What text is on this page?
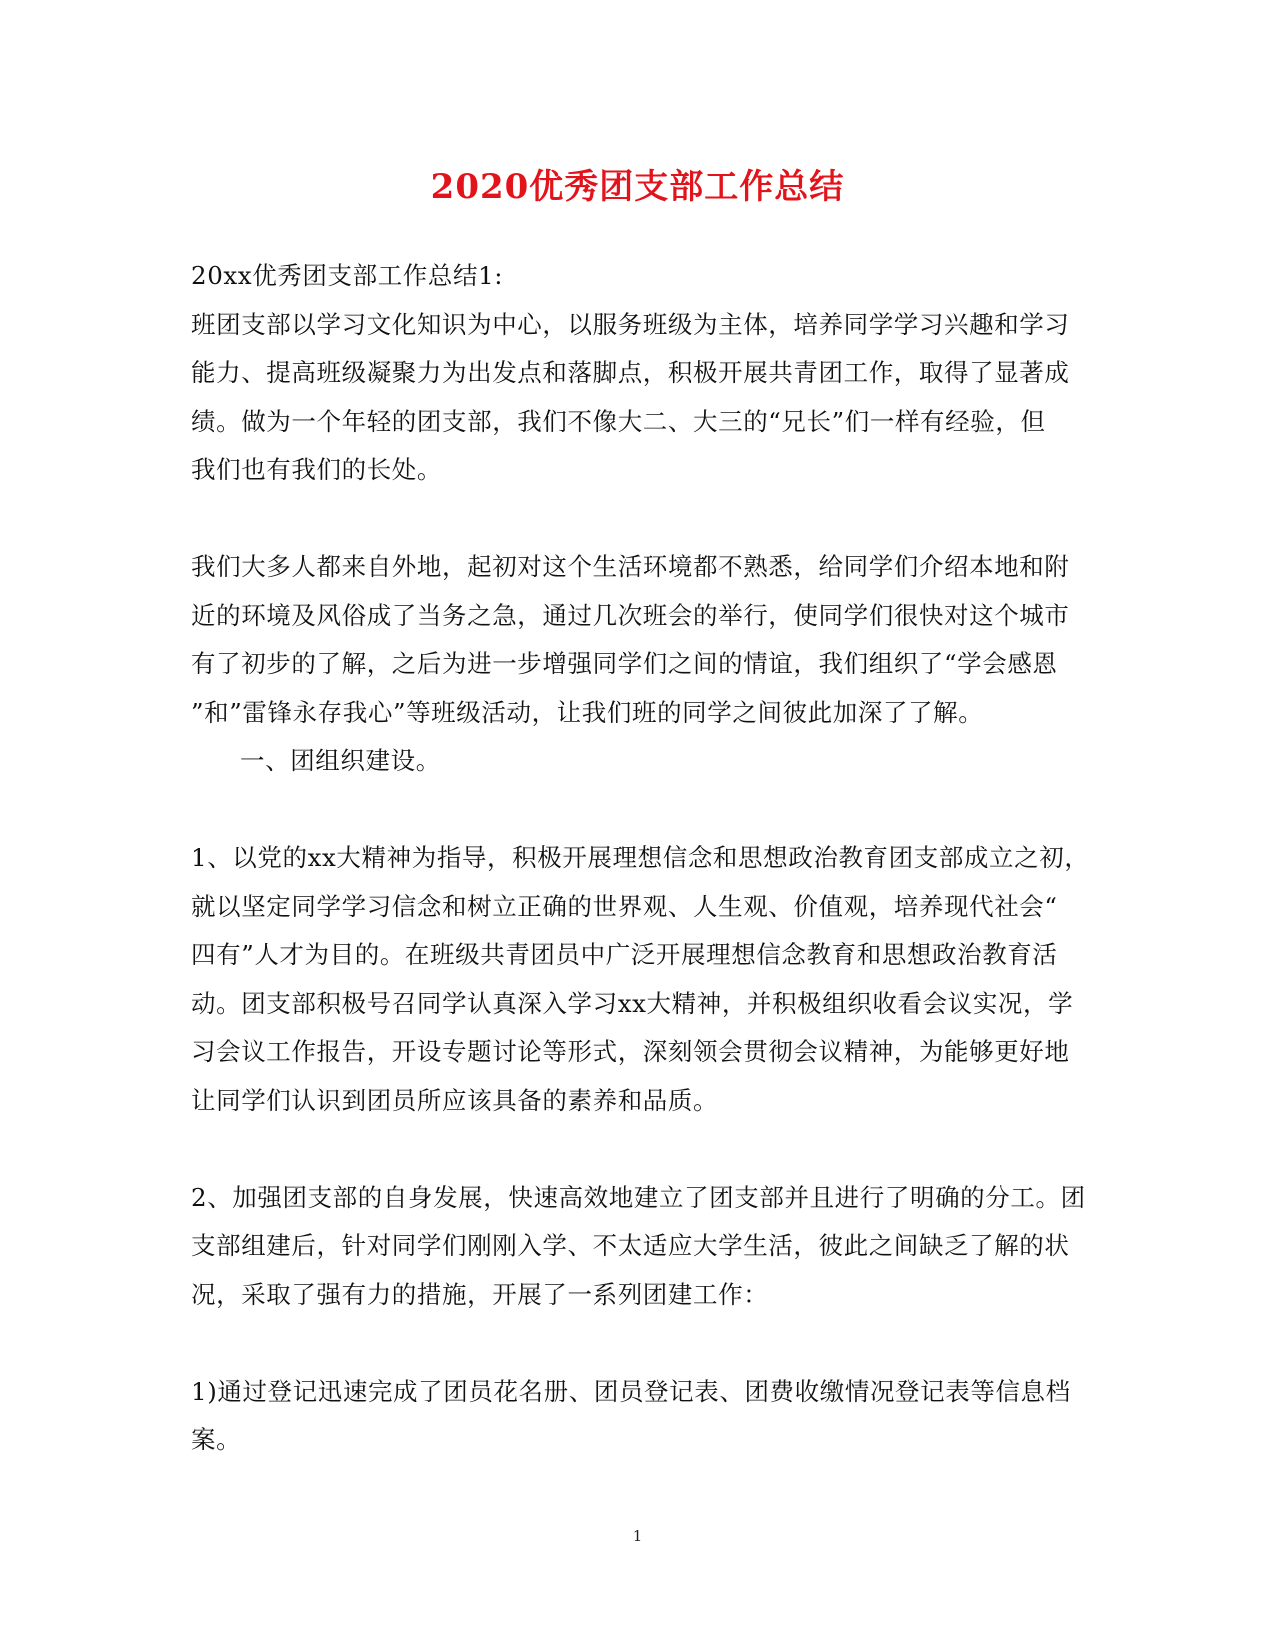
2020优秀团支部工作总结
20xx优秀团支部工作总结1:
班团支部以学习文化知识为中心，以服务班级为主体，培养同学学习兴趣和学习
能力、提高班级凝聚力为出发点和落脚点，积极开展共青团工作，取得了显著成
绩。做为一个年轻的团支部，我们不像大二、大三的“兄长”们一样有经验，但
我们也有我们的长处。
我们大多人都来自外地，起初对这个生活环境都不熟悉，给同学们介绍本地和附
近的环境及风俗成了当务之急，通过几次班会的举行，使同学们很快对这个城市
有了初步的了解，之后为进一步增强同学们之间的情谊，我们组织了“学会感恩
”和”雷锋永存我心”等班级活动，让我们班的同学之间彼此加深了了解。
一、团组织建设。
1、以党的xx大精神为指导，积极开展理想信念和思想政治教育团支部成立之初，
就以坚定同学学习信念和树立正确的世界观、人生观、价值观，培养现代社会“
四有”人才为目的。在班级共青团员中广泛开展理想信念教育和思想政治教育活
动。团支部积极号召同学认真深入学习xx大精神，并积极组织收看会议实况，学
习会议工作报告，开设专题讨论等形式，深刻领会贯彻会议精神，为能够更好地
让同学们认识到团员所应该具备的素养和品质。
2、加强团支部的自身发展，快速高效地建立了团支部并且进行了明确的分工。团
支部组建后，针对同学们刚刚入学、不太适应大学生活，彼此之间缺乏了解的状
况，采取了强有力的措施，开展了一系列团建工作：
1)通过登记迅速完成了团员花名册、团员登记表、团费收缴情况登记表等信息档
案。
1
